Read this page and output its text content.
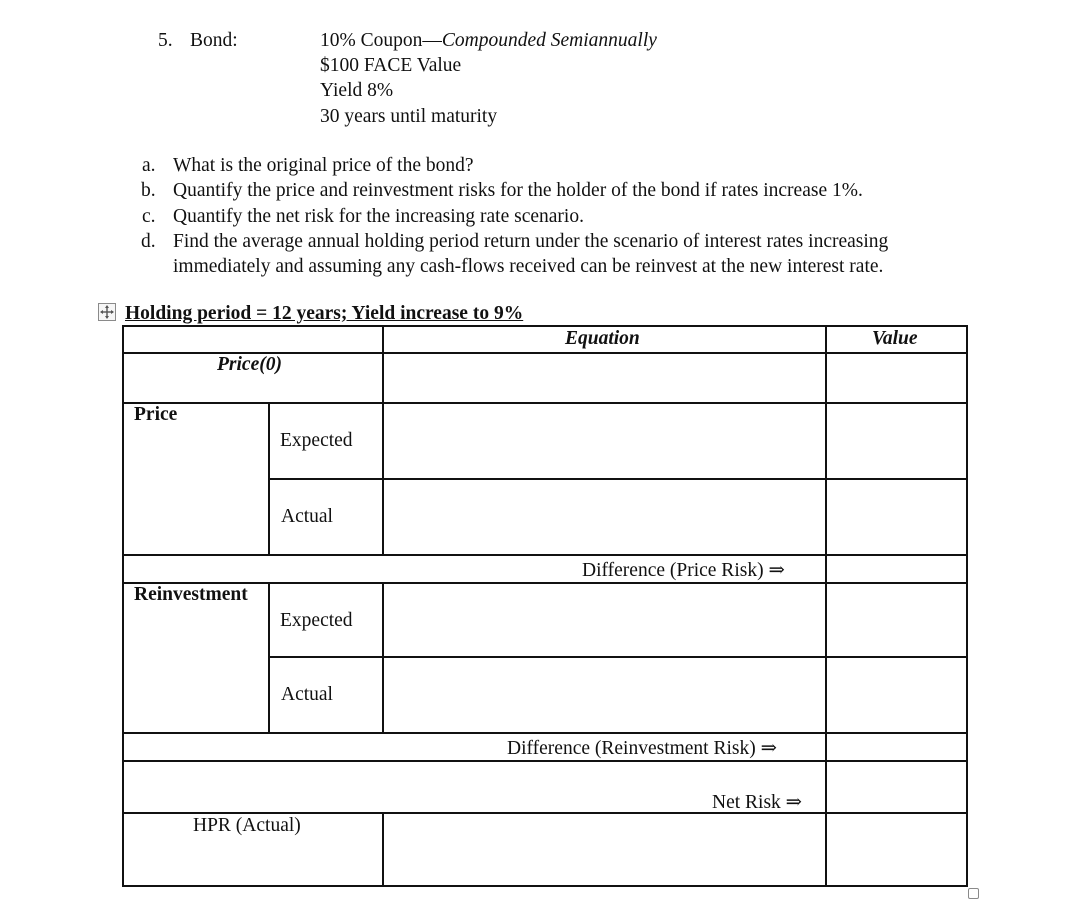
5. Bond:	10% Coupon—Compounded Semiannually
$100 FACE Value
Yield 8%
30 years until maturity
a. What is the original price of the bond?
b. Quantify the price and reinvestment risks for the holder of the bond if rates increase 1%.
c. Quantify the net risk for the increasing rate scenario.
d. Find the average annual holding period return under the scenario of interest rates increasing
immediately and assuming any cash-flows received can be reinvest at the new interest rate.
Holding period = 12 years; Yield increase to 9%
Equation	Value
Price(0)
Price
Expected
Actual
Difference (Price Risk) ⇒
Reinvestment
Expected
Actual
Difference (Reinvestment Risk) ⇒
Net Risk ⇒
HPR (Actual)
